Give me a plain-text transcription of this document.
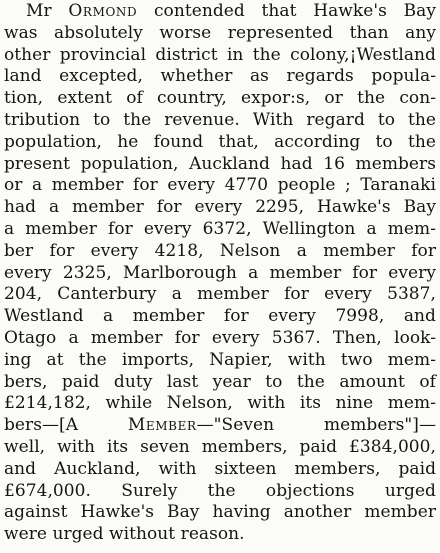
Mr Ormond contended that Hawke's Bay
was absolutely worse represented than any
other provincial district in the colony,¡Westland
land excepted, whether as regards popula-
tion, extent of country, expor:s, or the con-
tribution to the revenue. With regard to the
population, he found that, according to the
present population, Auckland had 16 members
or a member for every 4770 people ; Taranaki
had a member for every 2295, Hawke's Bay
a member for every 6372, Wellington a mem-
ber for every 4218, Nelson a member for
every 2325, Marlborough a member for every
204, Canterbury a member for every 5387,
Westland a member for every 7998, and
Otago a member for every 5367. Then, look-
ing at the imports, Napier, with two mem-
bers, paid duty last year to the amount of
£214,182, while Nelson, with its nine mem-
bers—[A Member—"Seven members"]—
well, with its seven members, paid £384,000,
and Auckland, with sixteen members, paid
£674,000. Surely the objections urged
against Hawke's Bay having another member
were urged without reason.
